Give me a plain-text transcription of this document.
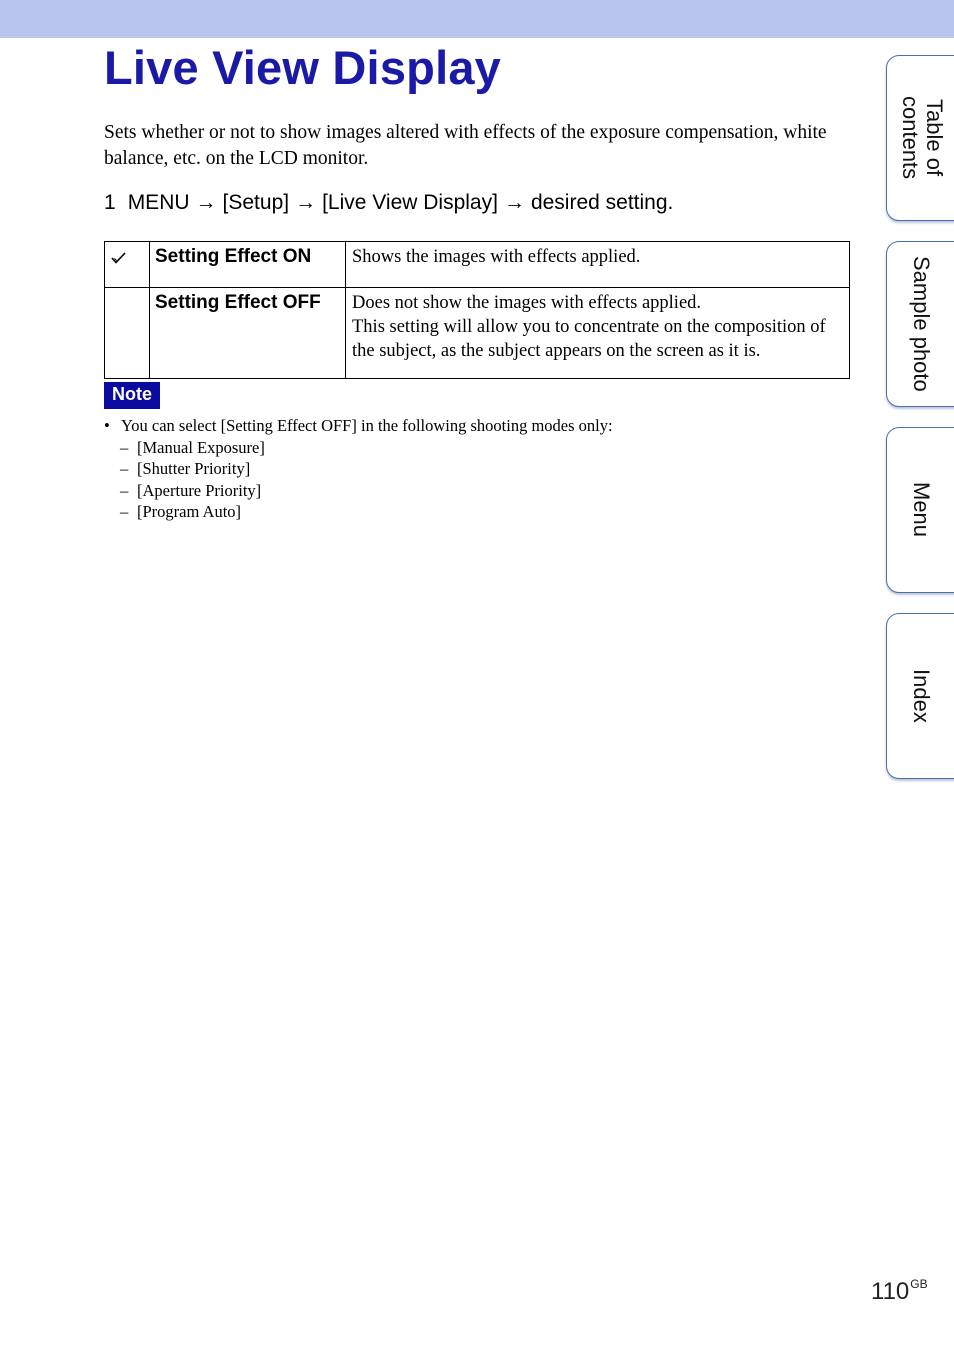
Live View Display

Sets whether or not to show images altered with effects of the exposure compensation, white balance, etc. on the LCD monitor.

1 MENU → [Setup] → [Live View Display] → desired setting.

	Setting Effect ON	Shows the images with effects applied.

	Setting Effect OFF	Does not show the images with effects applied.
This setting will allow you to concentrate on the composition of the subject, as the subject appears on the screen as it is.
Note
• You can select [Setting Effect OFF] in the following shooting modes only:
– [Manual Exposure]
– [Shutter Priority]
– [Aperture Priority]
– [Program Auto]
Table of contents
Sample photo
Menu
Index
$110^{GB}$
